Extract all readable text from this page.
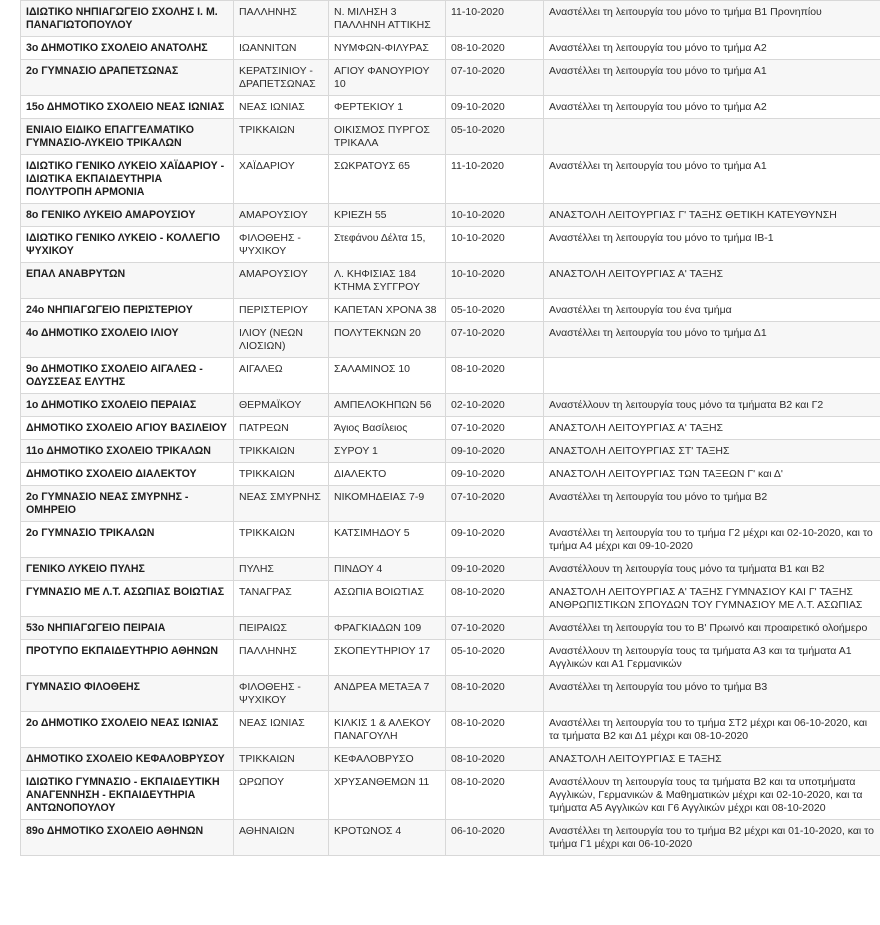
ΙΔΙΩΤΙΚΟ ΝΗΠΙΑΓΩΓΕΙΟ ΣΧΟΛΗΣ Ι. Μ. ΠΑΝΑΓΙΩΤΟΠΟΥΛΟΥ	ΠΑΛΛΗΝΗΣ	Ν. ΜΙΛΗΣΗ 3 ΠΑΛΛΗΝΗ ΑΤΤΙΚΗΣ	11-10-2020	Αναστέλλει τη λειτουργία του μόνο το τμήμα Β1 Προνηπίου
3ο ΔΗΜΟΤΙΚΟ ΣΧΟΛΕΙΟ ΑΝΑΤΟΛΗΣ	ΙΩΑΝΝΙΤΩΝ	ΝΥΜΦΩΝ-ΦΙΛΥΡΑΣ	08-10-2020	Αναστέλλει τη λειτουργία του μόνο το τμήμα Α2
2ο ΓΥΜΝΑΣΙΟ ΔΡΑΠΕΤΣΩΝΑΣ	ΚΕΡΑΤΣΙΝΙΟΥ - ΔΡΑΠΕΤΣΩΝΑΣ	ΑΓΙΟΥ ΦΑΝΟΥΡΙΟΥ 10	07-10-2020	Αναστέλλει τη λειτουργία του μόνο το τμήμα Α1
15ο ΔΗΜΟΤΙΚΟ ΣΧΟΛΕΙΟ ΝΕΑΣ ΙΩΝΙΑΣ	ΝΕΑΣ ΙΩΝΙΑΣ	ΦΕΡΤΕΚΙΟΥ 1	09-10-2020	Αναστέλλει τη λειτουργία του μόνο το τμήμα Α2
ΕΝΙΑΙΟ ΕΙΔΙΚΟ ΕΠΑΓΓΕΛΜΑΤΙΚΟ ΓΥΜΝΑΣΙΟ-ΛΥΚΕΙΟ ΤΡΙΚΑΛΩΝ	ΤΡΙΚΚΑΙΩΝ	ΟΙΚΙΣΜΟΣ ΠΥΡΓΟΣ ΤΡΙΚΑΛΑ	05-10-2020	
ΙΔΙΩΤΙΚΟ ΓΕΝΙΚΟ ΛΥΚΕΙΟ ΧΑΪΔΑΡΙΟΥ - ΙΔΙΩΤΙΚΑ ΕΚΠΑΙΔΕΥΤΗΡΙΑ ΠΟΛΥΤΡΟΠΗ ΑΡΜΟΝΙΑ	ΧΑΪΔΑΡΙΟΥ	ΣΩΚΡΑΤΟΥΣ 65	11-10-2020	Αναστέλλει τη λειτουργία του μόνο το τμήμα Α1
8ο ΓΕΝΙΚΟ ΛΥΚΕΙΟ ΑΜΑΡΟΥΣΙΟΥ	ΑΜΑΡΟΥΣΙΟΥ	ΚΡΙΕΖΗ 55	10-10-2020	ΑΝΑΣΤΟΛΗ ΛΕΙΤΟΥΡΓΙΑΣ Γ' ΤΑΞΗΣ ΘΕΤΙΚΗ ΚΑΤΕΥΘΥΝΣΗ
ΙΔΙΩΤΙΚΟ ΓΕΝΙΚΟ ΛΥΚΕΙΟ - ΚΟΛΛΕΓΙΟ ΨΥΧΙΚΟΥ	ΦΙΛΟΘΕΗΣ - ΨΥΧΙΚΟΥ	Στεφάνου Δέλτα 15,	10-10-2020	Αναστέλλει τη λειτουργία του μόνο το τμήμα ΙΒ-1
ΕΠΑΛ ΑΝΑΒΡΥΤΩΝ	ΑΜΑΡΟΥΣΙΟΥ	Λ. ΚΗΦΙΣΙΑΣ 184 ΚΤΗΜΑ ΣΥΓΓΡΟΥ	10-10-2020	ΑΝΑΣΤΟΛΗ ΛΕΙΤΟΥΡΓΙΑΣ Α' ΤΑΞΗΣ
24ο ΝΗΠΙΑΓΩΓΕΙΟ ΠΕΡΙΣΤΕΡΙΟΥ	ΠΕΡΙΣΤΕΡΙΟΥ	ΚΑΠΕΤΑΝ ΧΡΟΝΑ 38	05-10-2020	Αναστέλλει τη λειτουργία του ένα τμήμα
4ο ΔΗΜΟΤΙΚΟ ΣΧΟΛΕΙΟ ΙΛΙΟΥ	ΙΛΙΟΥ (ΝΕΩΝ ΛΙΟΣΙΩΝ)	ΠΟΛΥΤΕΚΝΩΝ 20	07-10-2020	Αναστέλλει τη λειτουργία του μόνο το τμήμα Δ1
9ο ΔΗΜΟΤΙΚΟ ΣΧΟΛΕΙΟ ΑΙΓΑΛΕΩ - ΟΔΥΣΣΕΑΣ ΕΛΥΤΗΣ	ΑΙΓΑΛΕΩ	ΣΑΛΑΜΙΝΟΣ 10	08-10-2020	
1ο ΔΗΜΟΤΙΚΟ ΣΧΟΛΕΙΟ ΠΕΡΑΙΑΣ	ΘΕΡΜΑΪΚΟΥ	ΑΜΠΕΛΟΚΗΠΩΝ 56	02-10-2020	Αναστέλλουν τη λειτουργία τους μόνο τα τμήματα Β2 και Γ2
ΔΗΜΟΤΙΚΟ ΣΧΟΛΕΙΟ ΑΓΙΟΥ ΒΑΣΙΛΕΙΟΥ	ΠΑΤΡΕΩΝ	Άγιος Βασίλειος	07-10-2020	ΑΝΑΣΤΟΛΗ ΛΕΙΤΟΥΡΓΙΑΣ Α' ΤΑΞΗΣ
11ο ΔΗΜΟΤΙΚΟ ΣΧΟΛΕΙΟ ΤΡΙΚΑΛΩΝ	ΤΡΙΚΚΑΙΩΝ	ΣΥΡΟΥ 1	09-10-2020	ΑΝΑΣΤΟΛΗ ΛΕΙΤΟΥΡΓΙΑΣ ΣΤ' ΤΑΞΗΣ
ΔΗΜΟΤΙΚΟ ΣΧΟΛΕΙΟ ΔΙΑΛΕΚΤΟΥ	ΤΡΙΚΚΑΙΩΝ	ΔΙΑΛΕΚΤΟ	09-10-2020	ΑΝΑΣΤΟΛΗ ΛΕΙΤΟΥΡΓΙΑΣ ΤΩΝ ΤΑΞΕΩΝ Γ' και Δ'
2ο ΓΥΜΝΑΣΙΟ ΝΕΑΣ ΣΜΥΡΝΗΣ - ΟΜΗΡΕΙΟ	ΝΕΑΣ ΣΜΥΡΝΗΣ	ΝΙΚΟΜΗΔΕΙΑΣ 7-9	07-10-2020	Αναστέλλει τη λειτουργία του μόνο το τμήμα Β2
2ο ΓΥΜΝΑΣΙΟ ΤΡΙΚΑΛΩΝ	ΤΡΙΚΚΑΙΩΝ	ΚΑΤΣΙΜΗΔΟΥ 5	09-10-2020	Αναστέλλει τη λειτουργία του το τμήμα Γ2 μέχρι και 02-10-2020, και το τμήμα Α4 μέχρι και 09-10-2020
ΓΕΝΙΚΟ ΛΥΚΕΙΟ ΠΥΛΗΣ	ΠΥΛΗΣ	ΠΙΝΔΟΥ 4	09-10-2020	Αναστέλλουν τη λειτουργία τους μόνο τα τμήματα Β1 και Β2
ΓΥΜΝΑΣΙΟ ΜΕ Λ.Τ. ΑΣΩΠΙΑΣ ΒΟΙΩΤΙΑΣ	ΤΑΝΑΓΡΑΣ	ΑΣΩΠΙΑ ΒΟΙΩΤΙΑΣ	08-10-2020	ΑΝΑΣΤΟΛΗ ΛΕΙΤΟΥΡΓΙΑΣ Α' ΤΑΞΗΣ ΓΥΜΝΑΣΙΟΥ ΚΑΙ Γ' ΤΑΞΗΣ ΑΝΘΡΩΠΙΣΤΙΚΩΝ ΣΠΟΥΔΩΝ ΤΟΥ ΓΥΜΝΑΣΙΟΥ ΜΕ Λ.Τ. ΑΣΩΠΙΑΣ
53ο ΝΗΠΙΑΓΩΓΕΙΟ ΠΕΙΡΑΙΑ	ΠΕΙΡΑΙΩΣ	ΦΡΑΓΚΙΑΔΩΝ 109	07-10-2020	Αναστέλλει τη λειτουργία του το Β' Πρωινό και προαιρετικό ολοήμερο
ΠΡΟΤΥΠΟ ΕΚΠΑΙΔΕΥΤΗΡΙΟ ΑΘΗΝΩΝ	ΠΑΛΛΗΝΗΣ	ΣΚΟΠΕΥΤΗΡΙΟΥ 17	05-10-2020	Αναστέλλουν τη λειτουργία τους τα τμήματα Α3 και τα τμήματα Α1 Αγγλικών και Α1 Γερμανικών
ΓΥΜΝΑΣΙΟ ΦΙΛΟΘΕΗΣ	ΦΙΛΟΘΕΗΣ - ΨΥΧΙΚΟΥ	ΑΝΔΡΕΑ ΜΕΤΑΞΑ 7	08-10-2020	Αναστέλλει τη λειτουργία του μόνο το τμήμα Β3
2ο ΔΗΜΟΤΙΚΟ ΣΧΟΛΕΙΟ ΝΕΑΣ ΙΩΝΙΑΣ	ΝΕΑΣ ΙΩΝΙΑΣ	ΚΙΛΚΙΣ 1 & ΑΛΕΚΟΥ ΠΑΝΑΓΟΥΛΗ	08-10-2020	Αναστέλλει τη λειτουργία του το τμήμα ΣΤ2 μέχρι και 06-10-2020, και τα τμήματα Β2 και Δ1 μέχρι και 08-10-2020
ΔΗΜΟΤΙΚΟ ΣΧΟΛΕΙΟ ΚΕΦΑΛΟΒΡΥΣΟΥ	ΤΡΙΚΚΑΙΩΝ	ΚΕΦΑΛΟΒΡΥΣΟ	08-10-2020	ΑΝΑΣΤΟΛΗ ΛΕΙΤΟΥΡΓΙΑΣ Ε ΤΑΞΗΣ
ΙΔΙΩΤΙΚΟ ΓΥΜΝΑΣΙΟ - ΕΚΠΑΙΔΕΥΤΙΚΗ ΑΝΑΓΕΝΝΗΣΗ - ΕΚΠΑΙΔΕΥΤΗΡΙΑ ΑΝΤΩΝΟΠΟΥΛΟΥ	ΩΡΩΠΟΥ	ΧΡΥΣΑΝΘΕΜΩΝ 11	08-10-2020	Αναστέλλουν τη λειτουργία τους τα τμήματα Β2 και τα υποτμήματα Αγγλικών, Γερμανικών & Μαθηματικών μέχρι και 02-10-2020, και τα τμήματα Α5 Αγγλικών και Γ6 Αγγλικών μέχρι και 08-10-2020
89ο ΔΗΜΟΤΙΚΟ ΣΧΟΛΕΙΟ ΑΘΗΝΩΝ	ΑΘΗΝΑΙΩΝ	ΚΡΟΤΩΝΟΣ 4	06-10-2020	Αναστέλλει τη λειτουργία του το τμήμα Β2 μέχρι και 01-10-2020, και το τμήμα Γ1 μέχρι και 06-10-2020
